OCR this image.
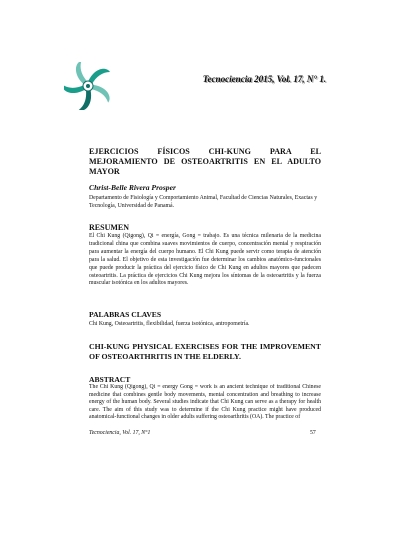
Tecnociencia 2015, Vol. 17, N° 1.
EJERCICIOS FÍSICOS CHI-KUNG PARA EL MEJORAMIENTO DE OSTEOARTRITIS EN EL ADULTO MAYOR
Christ-Belle Rivera Prosper
Departamento de Fisiología y Comportamiento Animal, Facultad de Ciencias Naturales, Exactas y Tecnología, Universidad de Panamá.
RESUMEN
El Chi Kung (Qigong), Qi = energía, Gong = trabajo. Es una técnica milenaria de la medicina tradicional china que combina suaves movimientos de cuerpo, concentración mental y respiración para aumentar la energía del cuerpo humano. El Chi Kung puede servir como terapia de atención para la salud. El objetivo de esta investigación fue determinar los cambios anatómico-funcionales que puede producir la práctica del ejercicio físico de Chi Kung en adultos mayores que padecen osteoartritis. La práctica de ejercicios Chi Kung mejora los síntomas de la osteoartritis y la fuerza muscular isotónica en los adultos mayores.
PALABRAS CLAVES
Chi Kung, Osteoartritis, flexibilidad, fuerza isotónica, antropometría.
CHI-KUNG PHYSICAL EXERCISES FOR THE IMPROVEMENT OF OSTEOARTHRITIS IN THE ELDERLY.
ABSTRACT
The Chi Kung (Qigong), Qi = energy Gong = work is an ancient technique of traditional Chinese medicine that combines gentle body movements, mental concentration and breathing to increase energy of the human body. Several studies indicate that Chi Kung can serve as a therapy for health care. The aim of this study was to determine if the Chi Kung practice might have produced anatomical-functional changes in older adults suffering osteoarthritis (OA). The practice of
Tecnociencia, Vol. 17, N°1	57
